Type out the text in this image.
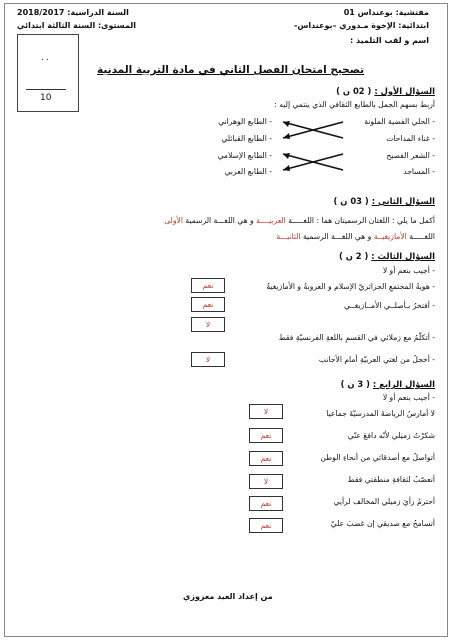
السنة الدراسية: 2018/2017
المستوى: السنة الثالثة ابتدائي
مفتشية: بوعنداس 01
ابتدائية: الإخوة مـدوري –بوعنداس-
اسم و لقب التلميذ :
٠٠
10
تصحيح امتحان الفصل الثاني في مادة التربية المدنية
السؤال الأول : ( 02 ن )
أربط بسهم الجمل بالطابع الثقافي الذي ينتمي إليه :
- الحلي الفضية الملونة
- غناء المداحات
- الشعر الفصيح
- المساجد
- الطابع الوهراني
- الطابع القبائلي
- الطابع الإسلامي
- الطابع العربي
السؤال الثاني : ( 03 ن )
أكمل ما يلي : اللغتان الرسميتان هما : اللغـــــة العربيــــة و هي اللغـــة الرسمية الأولى
اللغـــــة الأمازيغيــة و هي اللغـــة الرسمية الثانيـــة
السؤال الثالث : ( 2 ن )
- أجيب بنعم أو لا
- هويةُ المجتمعِ الجزائريّ الإسلام و العروبةُ و الأمازيغيةُ
نعم
- أفتخرُ بـأصلــي الأمــازيغــي
نعم
- أتكلّمُ مع زملائي في القسمِ باللغةِ الفرنسيّةِ فقط
لا
- أخجلُ من لغتي العربيّةِ أمام الأجانب
لا
السؤال الرابع : ( 3 ن )
- أجيب بنعم أو لا
لا أمارسُ الرياضةَ المدرسيّةَ جماعيا
لا
شكرْتُ زميلي لأنّه دافعَ عنّي
نعم
أتواصلُ مع أصدقائي من أنحاءِ الوطن
نعم
أتعصّبُ لثقافةِ منطقتي فقط
لا
أحترمُ رأيَ زميلي المخالف لرأيي
نعم
أتسامحُ مع صديقي إن غضبَ عليّ
نعم
من إعداد العيد معزوزي
